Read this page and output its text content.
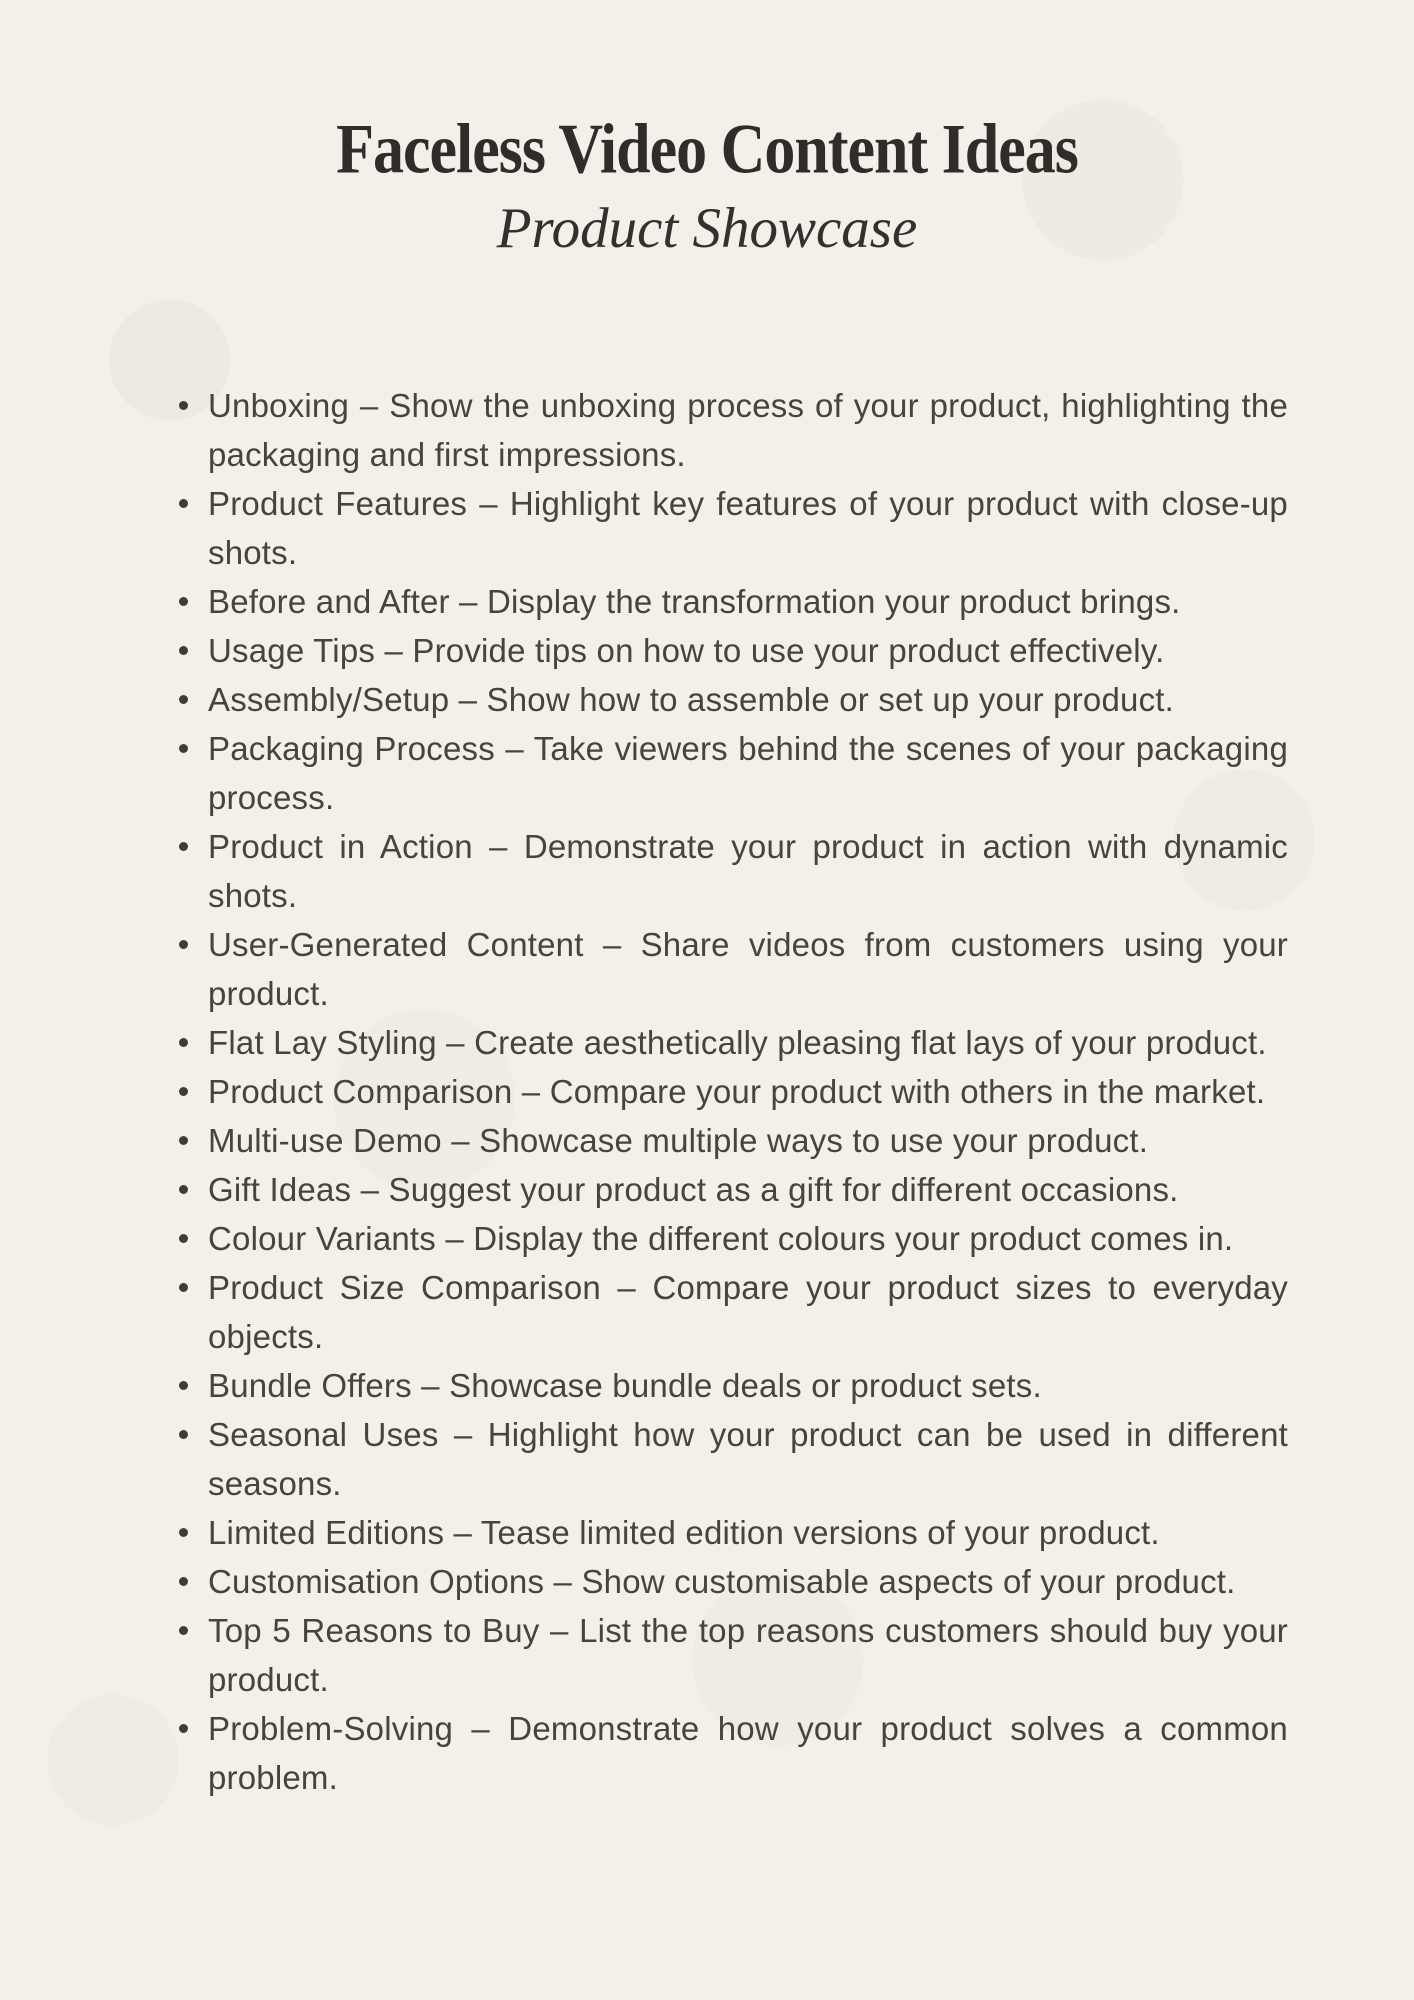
Faceless Video Content Ideas
Product Showcase
Unboxing – Show the unboxing process of your product, highlighting the packaging and first impressions.
Product Features – Highlight key features of your product with close-up shots.
Before and After – Display the transformation your product brings.
Usage Tips – Provide tips on how to use your product effectively.
Assembly/Setup – Show how to assemble or set up your product.
Packaging Process – Take viewers behind the scenes of your packaging process.
Product in Action – Demonstrate your product in action with dynamic shots.
User-Generated Content – Share videos from customers using your product.
Flat Lay Styling – Create aesthetically pleasing flat lays of your product.
Product Comparison – Compare your product with others in the market.
Multi-use Demo – Showcase multiple ways to use your product.
Gift Ideas – Suggest your product as a gift for different occasions.
Colour Variants – Display the different colours your product comes in.
Product Size Comparison – Compare your product sizes to everyday objects.
Bundle Offers – Showcase bundle deals or product sets.
Seasonal Uses – Highlight how your product can be used in different seasons.
Limited Editions – Tease limited edition versions of your product.
Customisation Options – Show customisable aspects of your product.
Top 5 Reasons to Buy – List the top reasons customers should buy your product.
Problem-Solving – Demonstrate how your product solves a common problem.
